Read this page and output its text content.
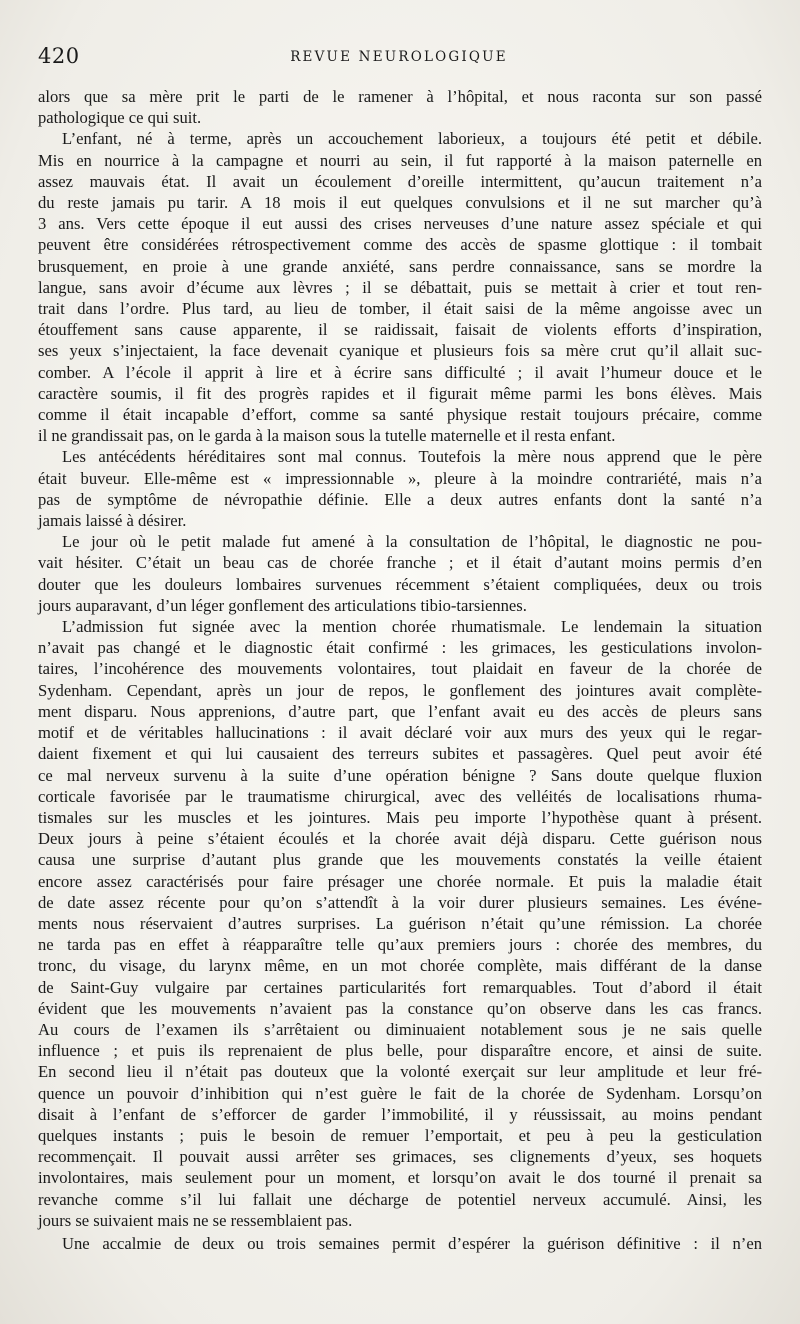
420	REVUE NEUROLOGIQUE
alors que sa mère prit le parti de le ramener à l’hôpital, et nous raconta sur son passé
pathologique ce qui suit.
L’enfant, né à terme, après un accouchement laborieux, a toujours été petit et débile.
Mis en nourrice à la campagne et nourri au sein, il fut rapporté à la maison paternelle en
assez mauvais état. Il avait un écoulement d’oreille intermittent, qu’aucun traitement n’a
du reste jamais pu tarir. A 18 mois il eut quelques convulsions et il ne sut marcher qu’à
3 ans. Vers cette époque il eut aussi des crises nerveuses d’une nature assez spéciale et qui
peuvent être considérées rétrospectivement comme des accès de spasme glottique : il tombait
brusquement, en proie à une grande anxiété, sans perdre connaissance, sans se mordre la
langue, sans avoir d’écume aux lèvres ; il se débattait, puis se mettait à crier et tout ren-
trait dans l’ordre. Plus tard, au lieu de tomber, il était saisi de la même angoisse avec un
étouffement sans cause apparente, il se raidissait, faisait de violents efforts d’inspiration,
ses yeux s’injectaient, la face devenait cyanique et plusieurs fois sa mère crut qu’il allait suc-
comber. A l’école il apprit à lire et à écrire sans difficulté ; il avait l’humeur douce et le
caractère soumis, il fit des progrès rapides et il figurait même parmi les bons élèves. Mais
comme il était incapable d’effort, comme sa santé physique restait toujours précaire, comme
il ne grandissait pas, on le garda à la maison sous la tutelle maternelle et il resta enfant.
Les antécédents héréditaires sont mal connus. Toutefois la mère nous apprend que le père
était buveur. Elle-même est « impressionnable », pleure à la moindre contrariété, mais n’a
pas de symptôme de névropathie définie. Elle a deux autres enfants dont la santé n’a
jamais laissé à désirer.
Le jour où le petit malade fut amené à la consultation de l’hôpital, le diagnostic ne pou-
vait hésiter. C’était un beau cas de chorée franche ; et il était d’autant moins permis d’en
douter que les douleurs lombaires survenues récemment s’étaient compliquées, deux ou trois
jours auparavant, d’un léger gonflement des articulations tibio-tarsiennes.
L’admission fut signée avec la mention chorée rhumatismale. Le lendemain la situation
n’avait pas changé et le diagnostic était confirmé : les grimaces, les gesticulations involon-
taires, l’incohérence des mouvements volontaires, tout plaidait en faveur de la chorée de
Sydenham. Cependant, après un jour de repos, le gonflement des jointures avait complète-
ment disparu. Nous apprenions, d’autre part, que l’enfant avait eu des accès de pleurs sans
motif et de véritables hallucinations : il avait déclaré voir aux murs des yeux qui le regar-
daient fixement et qui lui causaient des terreurs subites et passagères. Quel peut avoir été
ce mal nerveux survenu à la suite d’une opération bénigne ? Sans doute quelque fluxion
corticale favorisée par le traumatisme chirurgical, avec des velléités de localisations rhuma-
tismales sur les muscles et les jointures. Mais peu importe l’hypothèse quant à présent.
Deux jours à peine s’étaient écoulés et la chorée avait déjà disparu. Cette guérison nous
causa une surprise d’autant plus grande que les mouvements constatés la veille étaient
encore assez caractérisés pour faire présager une chorée normale. Et puis la maladie était
de date assez récente pour qu’on s’attendît à la voir durer plusieurs semaines. Les événe-
ments nous réservaient d’autres surprises. La guérison n’était qu’une rémission. La chorée
ne tarda pas en effet à réapparaître telle qu’aux premiers jours : chorée des membres, du
tronc, du visage, du larynx même, en un mot chorée complète, mais différant de la danse
de Saint-Guy vulgaire par certaines particularités fort remarquables. Tout d’abord il était
évident que les mouvements n’avaient pas la constance qu’on observe dans les cas francs.
Au cours de l’examen ils s’arrêtaient ou diminuaient notablement sous je ne sais quelle
influence ; et puis ils reprenaient de plus belle, pour disparaître encore, et ainsi de suite.
En second lieu il n’était pas douteux que la volonté exerçait sur leur amplitude et leur fré-
quence un pouvoir d’inhibition qui n’est guère le fait de la chorée de Sydenham. Lorsqu’on
disait à l’enfant de s’efforcer de garder l’immobilité, il y réussissait, au moins pendant
quelques instants ; puis le besoin de remuer l’emportait, et peu à peu la gesticulation
recommençait. Il pouvait aussi arrêter ses grimaces, ses clignements d’yeux, ses hoquets
involontaires, mais seulement pour un moment, et lorsqu’on avait le dos tourné il prenait sa
revanche comme s’il lui fallait une décharge de potentiel nerveux accumulé. Ainsi, les
jours se suivaient mais ne se ressemblaient pas.
Une accalmie de deux ou trois semaines permit d’espérer la guérison définitive : il n’en
